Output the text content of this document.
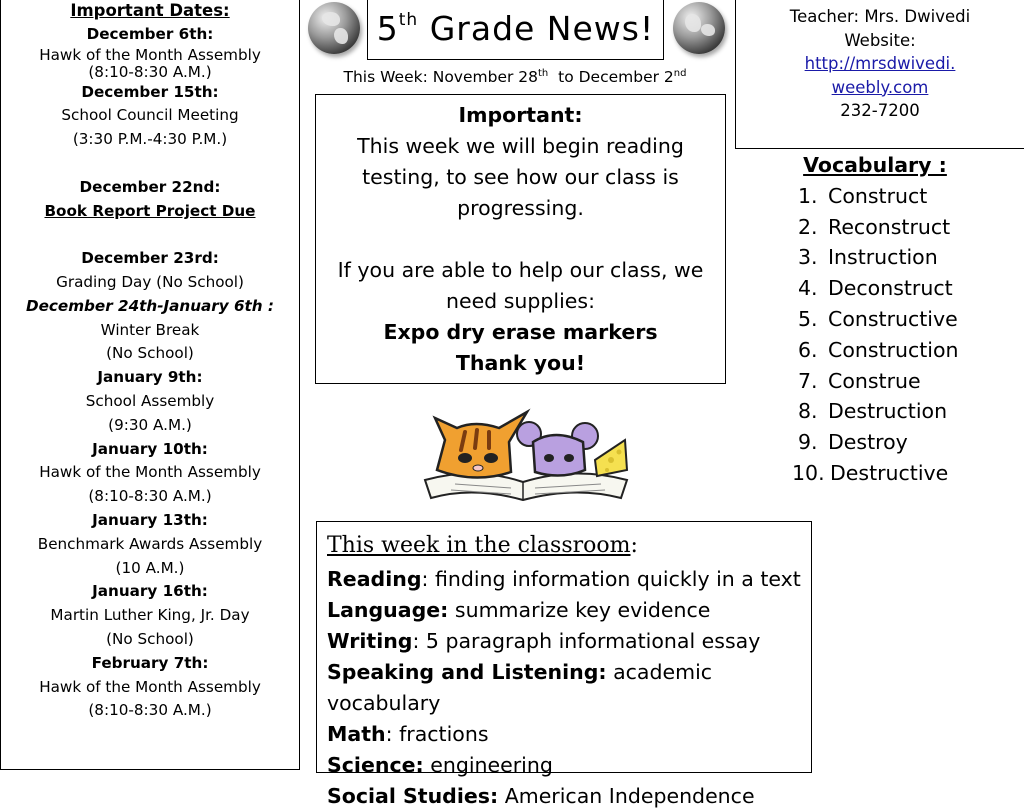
Important Dates:
December 6th:
Hawk of the Month Assembly
(8:10-8:30 A.M.)
December 15th:
School Council Meeting
(3:30 P.M.-4:30 P.M.)
December 22nd:
Book Report Project Due
December 23rd:
Grading Day (No School)
December 24th-January 6th :
Winter Break
(No School)
January 9th:
School Assembly
(9:30 A.M.)
January 10th:
Hawk of the Month Assembly
(8:10-8:30 A.M.)
January 13th:
Benchmark Awards Assembly
(10 A.M.)
January 16th:
Martin Luther King, Jr. Day
(No School)
February 7th:
Hawk of the Month Assembly
(8:10-8:30 A.M.)
5th Grade News!
This Week: November 28th  to December 2nd
Teacher: Mrs. Dwivedi
Website:
http://mrsdwivedi.
weebly.com
232-7200
Important:
This week we will begin reading testing, to see how our class is progressing.
If you are able to help our class, we need supplies:
Expo dry erase markers
Thank you!
Vocabulary :
1. Construct
2. Reconstruct
3. Instruction
4. Deconstruct
5. Constructive
6. Construction
7. Construe
8. Destruction
9. Destroy
10. Destructive
This week in the classroom:
Reading: finding information quickly in a text
Language: summarize key evidence
Writing: 5 paragraph informational essay
Speaking and Listening: academic vocabulary
Math: fractions
Science: engineering
Social Studies: American Independence
